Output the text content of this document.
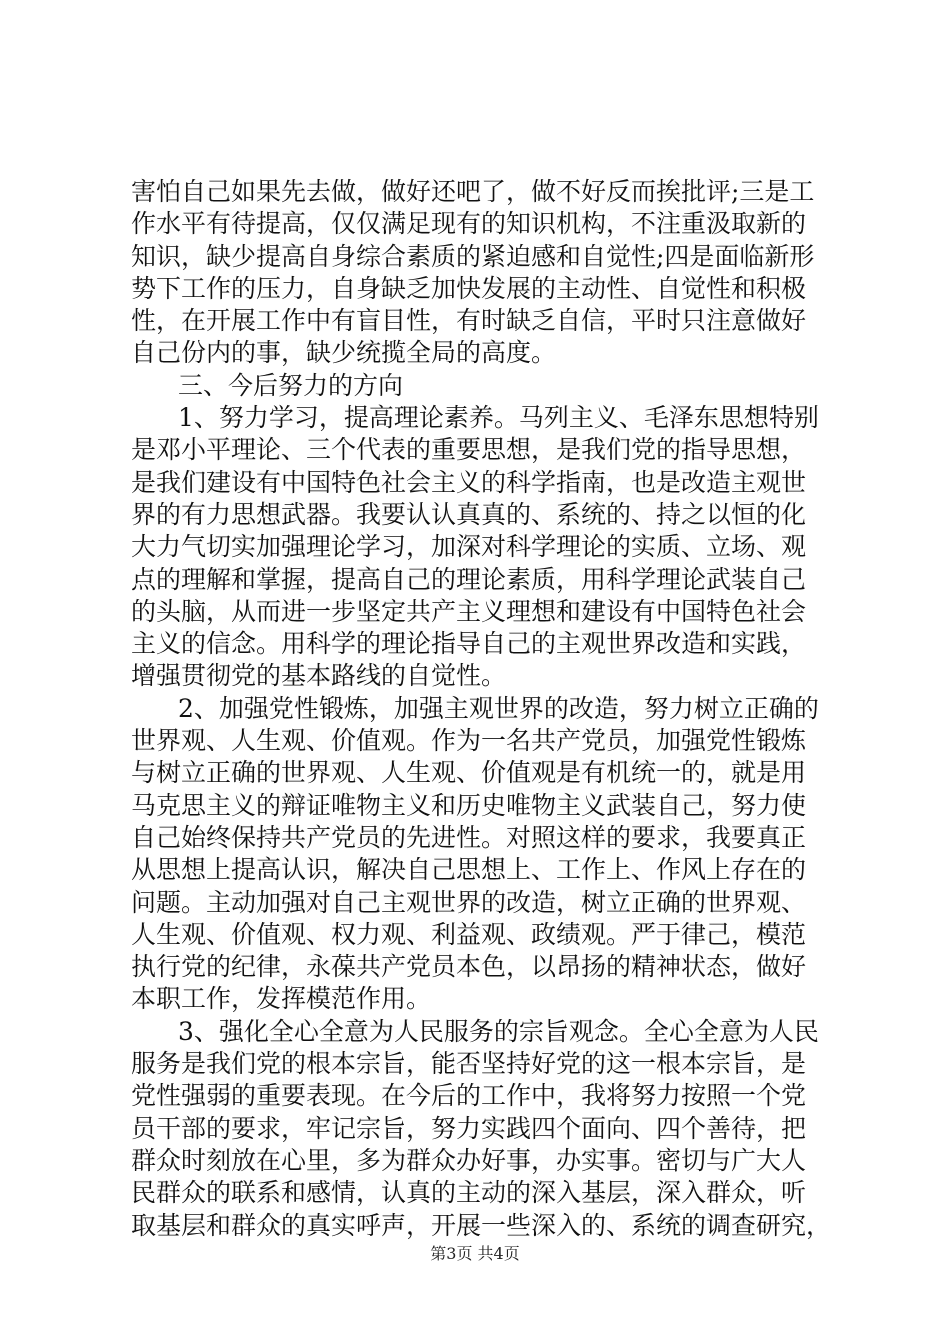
害怕自己如果先去做，做好还吧了，做不好反而挨批评;三是工
作水平有待提高，仅仅满足现有的知识机构，不注重汲取新的
知识，缺少提高自身综合素质的紧迫感和自觉性;四是面临新形
势下工作的压力，自身缺乏加快发展的主动性、自觉性和积极
性，在开展工作中有盲目性，有时缺乏自信，平时只注意做好
自己份内的事，缺少统揽全局的高度。
三、今后努力的方向
1、努力学习，提高理论素养。马列主义、毛泽东思想特别
是邓小平理论、三个代表的重要思想，是我们党的指导思想，
是我们建设有中国特色社会主义的科学指南，也是改造主观世
界的有力思想武器。我要认认真真的、系统的、持之以恒的化
大力气切实加强理论学习，加深对科学理论的实质、立场、观
点的理解和掌握，提高自己的理论素质，用科学理论武装自己
的头脑，从而进一步坚定共产主义理想和建设有中国特色社会
主义的信念。用科学的理论指导自己的主观世界改造和实践，
增强贯彻党的基本路线的自觉性。
2、加强党性锻炼，加强主观世界的改造，努力树立正确的
世界观、人生观、价值观。作为一名共产党员，加强党性锻炼
与树立正确的世界观、人生观、价值观是有机统一的，就是用
马克思主义的辩证唯物主义和历史唯物主义武装自己，努力使
自己始终保持共产党员的先进性。对照这样的要求，我要真正
从思想上提高认识，解决自己思想上、工作上、作风上存在的
问题。主动加强对自己主观世界的改造，树立正确的世界观、
人生观、价值观、权力观、利益观、政绩观。严于律己，模范
执行党的纪律，永葆共产党员本色，以昂扬的精神状态，做好
本职工作，发挥模范作用。
3、强化全心全意为人民服务的宗旨观念。全心全意为人民
服务是我们党的根本宗旨，能否坚持好党的这一根本宗旨，是
党性强弱的重要表现。在今后的工作中，我将努力按照一个党
员干部的要求，牢记宗旨，努力实践四个面向、四个善待，把
群众时刻放在心里，多为群众办好事，办实事。密切与广大人
民群众的联系和感情，认真的主动的深入基层，深入群众，听
取基层和群众的真实呼声，开展一些深入的、系统的调查研究，
第3页 共4页
